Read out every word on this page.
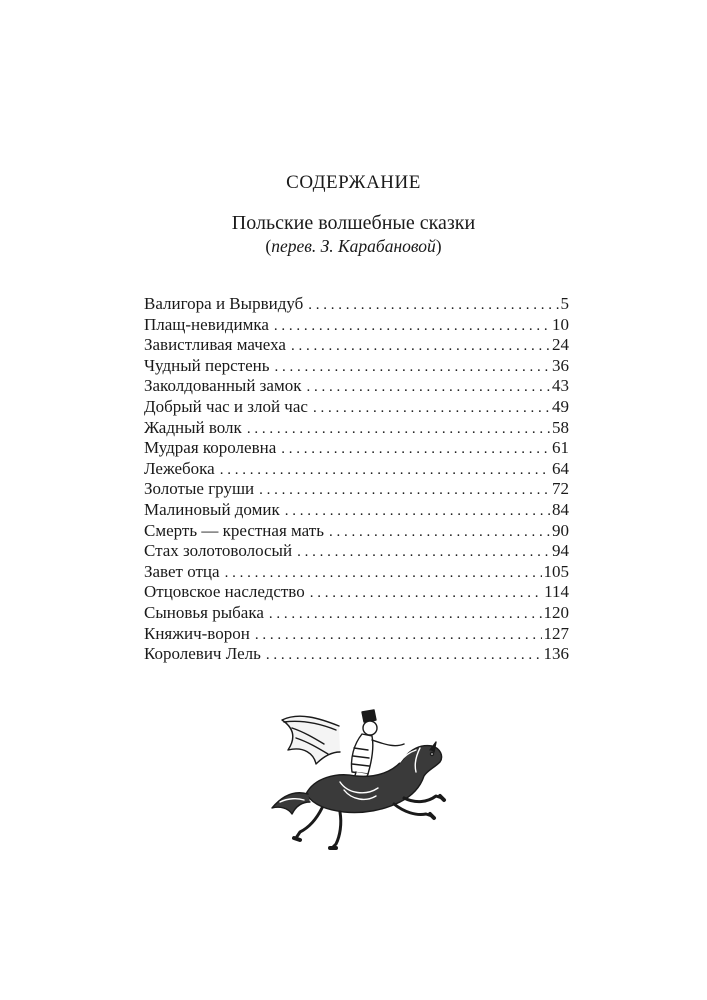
СОДЕРЖАНИЕ
Польские волшебные сказки
(перев. З. Карабановой)
Валигора и Вырвидуб . . .	5
Плащ-невидимка . . .	10
Завистливая мачеха . . .	24
Чудный перстень . . .	36
Заколдованный замок . . .	43
Добрый час и злой час . . .	49
Жадный волк . . .	58
Мудрая королевна . . .	61
Лежебока . . .	64
Золотые груши . . .	72
Малиновый домик . . .	84
Смерть — крестная мать . . .	90
Стах золотоволосый . . .	94
Завет отца . . .	105
Отцовское наследство . . .	114
Сыновья рыбака . . .	120
Княжич-ворон . . .	127
Королевич Лель . . .	136
